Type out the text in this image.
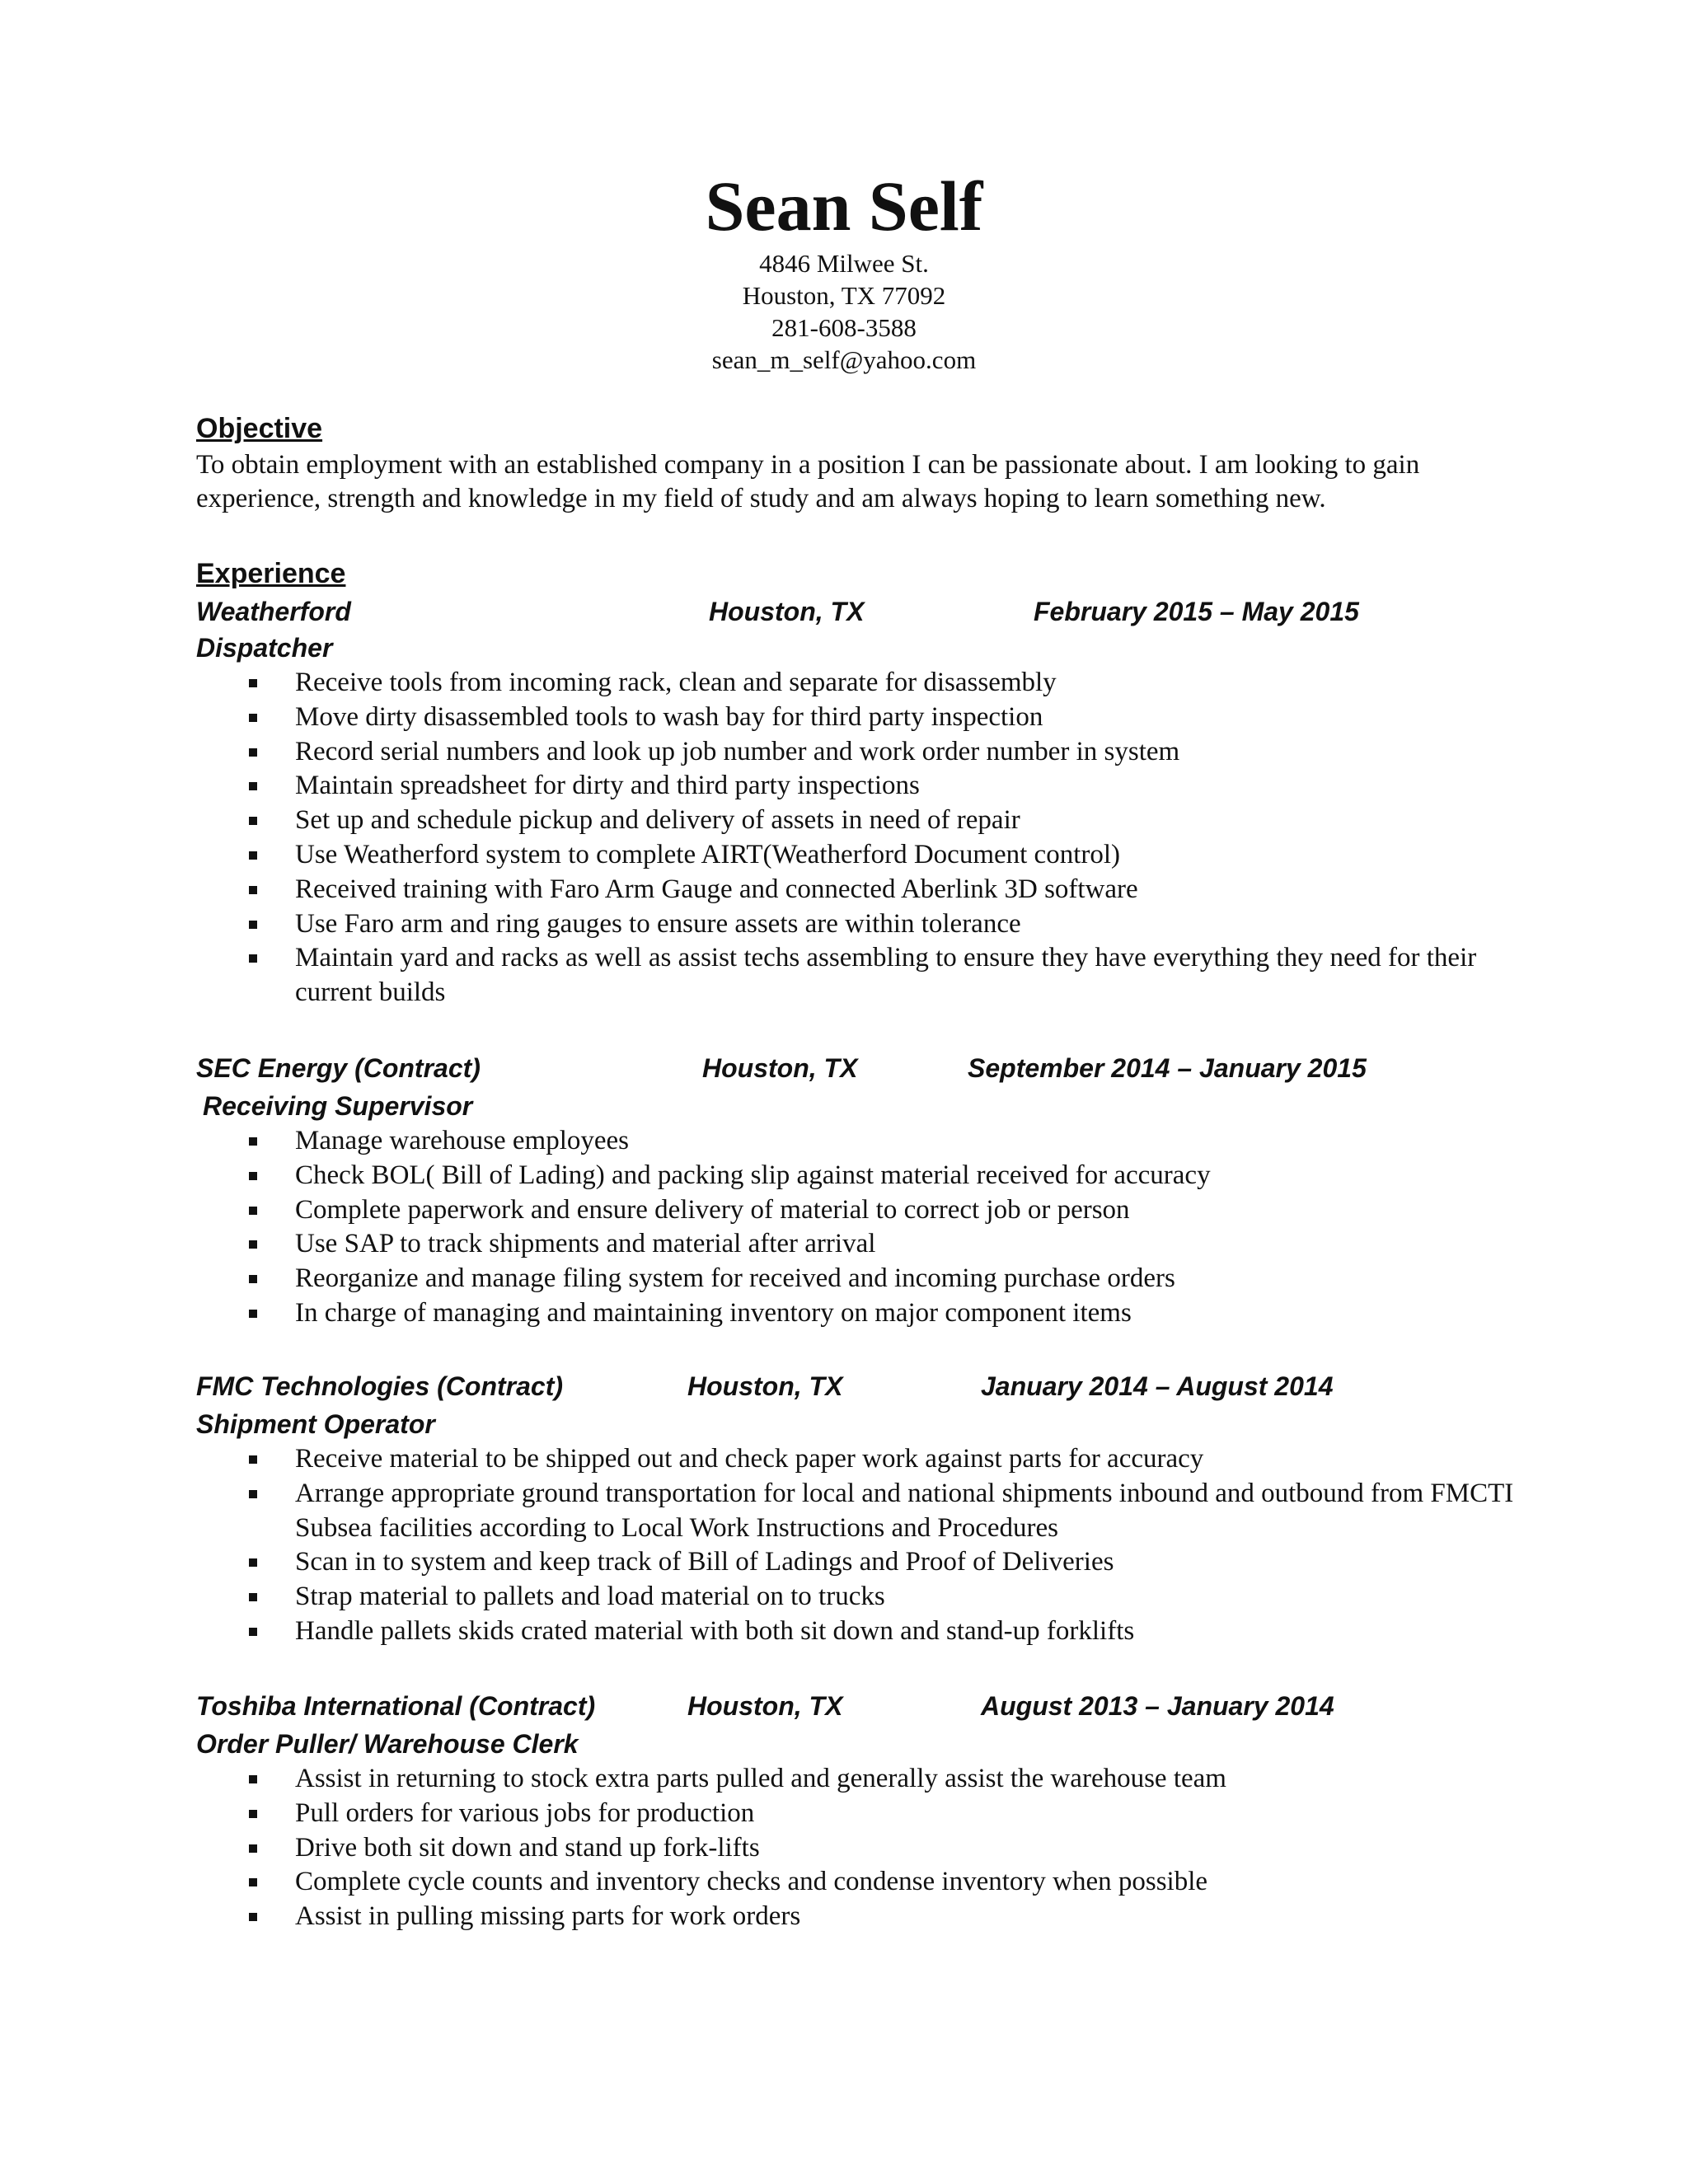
Sean Self
4846 Milwee St.
Houston, TX 77092
281-608-3588
sean_m_self@yahoo.com
Objective
To obtain employment with an established company in a position I can be passionate about. I am looking to gain experience, strength and knowledge in my field of study and am always hoping to learn something new.
Experience
Weatherford	Houston, TX	February 2015 – May 2015
Dispatcher
Receive tools from incoming rack, clean and separate for disassembly
Move dirty disassembled tools to wash bay for third party inspection
Record serial numbers and look up job number and work order number in system
Maintain spreadsheet for dirty and third party inspections
Set up and schedule pickup and delivery of assets in need of repair
Use Weatherford system to complete AIRT(Weatherford Document control)
Received training with Faro Arm Gauge and connected Aberlink 3D software
Use Faro arm and ring gauges to ensure assets are within tolerance
Maintain yard and racks as well as assist techs assembling to ensure they have everything they need for their current builds
SEC Energy (Contract)	Houston, TX	September 2014 – January 2015
Receiving Supervisor
Manage warehouse employees
Check BOL( Bill of Lading) and packing slip against material received for accuracy
Complete paperwork and ensure delivery of material to correct job or person
Use SAP to track shipments and material after arrival
Reorganize and manage filing system for received and incoming purchase orders
In charge of managing and maintaining inventory on major component items
FMC Technologies (Contract)	Houston, TX	January 2014 – August 2014
Shipment Operator
Receive material to be shipped out and check paper work against parts for accuracy
Arrange appropriate ground transportation for local and national shipments inbound and outbound from FMCTI Subsea facilities according to Local Work Instructions and Procedures
Scan in to system and keep track of Bill of Ladings and Proof of Deliveries
Strap material to pallets and load material on to trucks
Handle pallets skids crated material with both sit down and stand-up forklifts
Toshiba International (Contract)	Houston, TX	August 2013 – January 2014
Order Puller/ Warehouse Clerk
Assist in returning to stock extra parts pulled and generally assist the warehouse team
Pull orders for various jobs for production
Drive both sit down and stand up fork-lifts
Complete cycle counts and inventory checks and condense inventory when possible
Assist in pulling missing parts for work orders
